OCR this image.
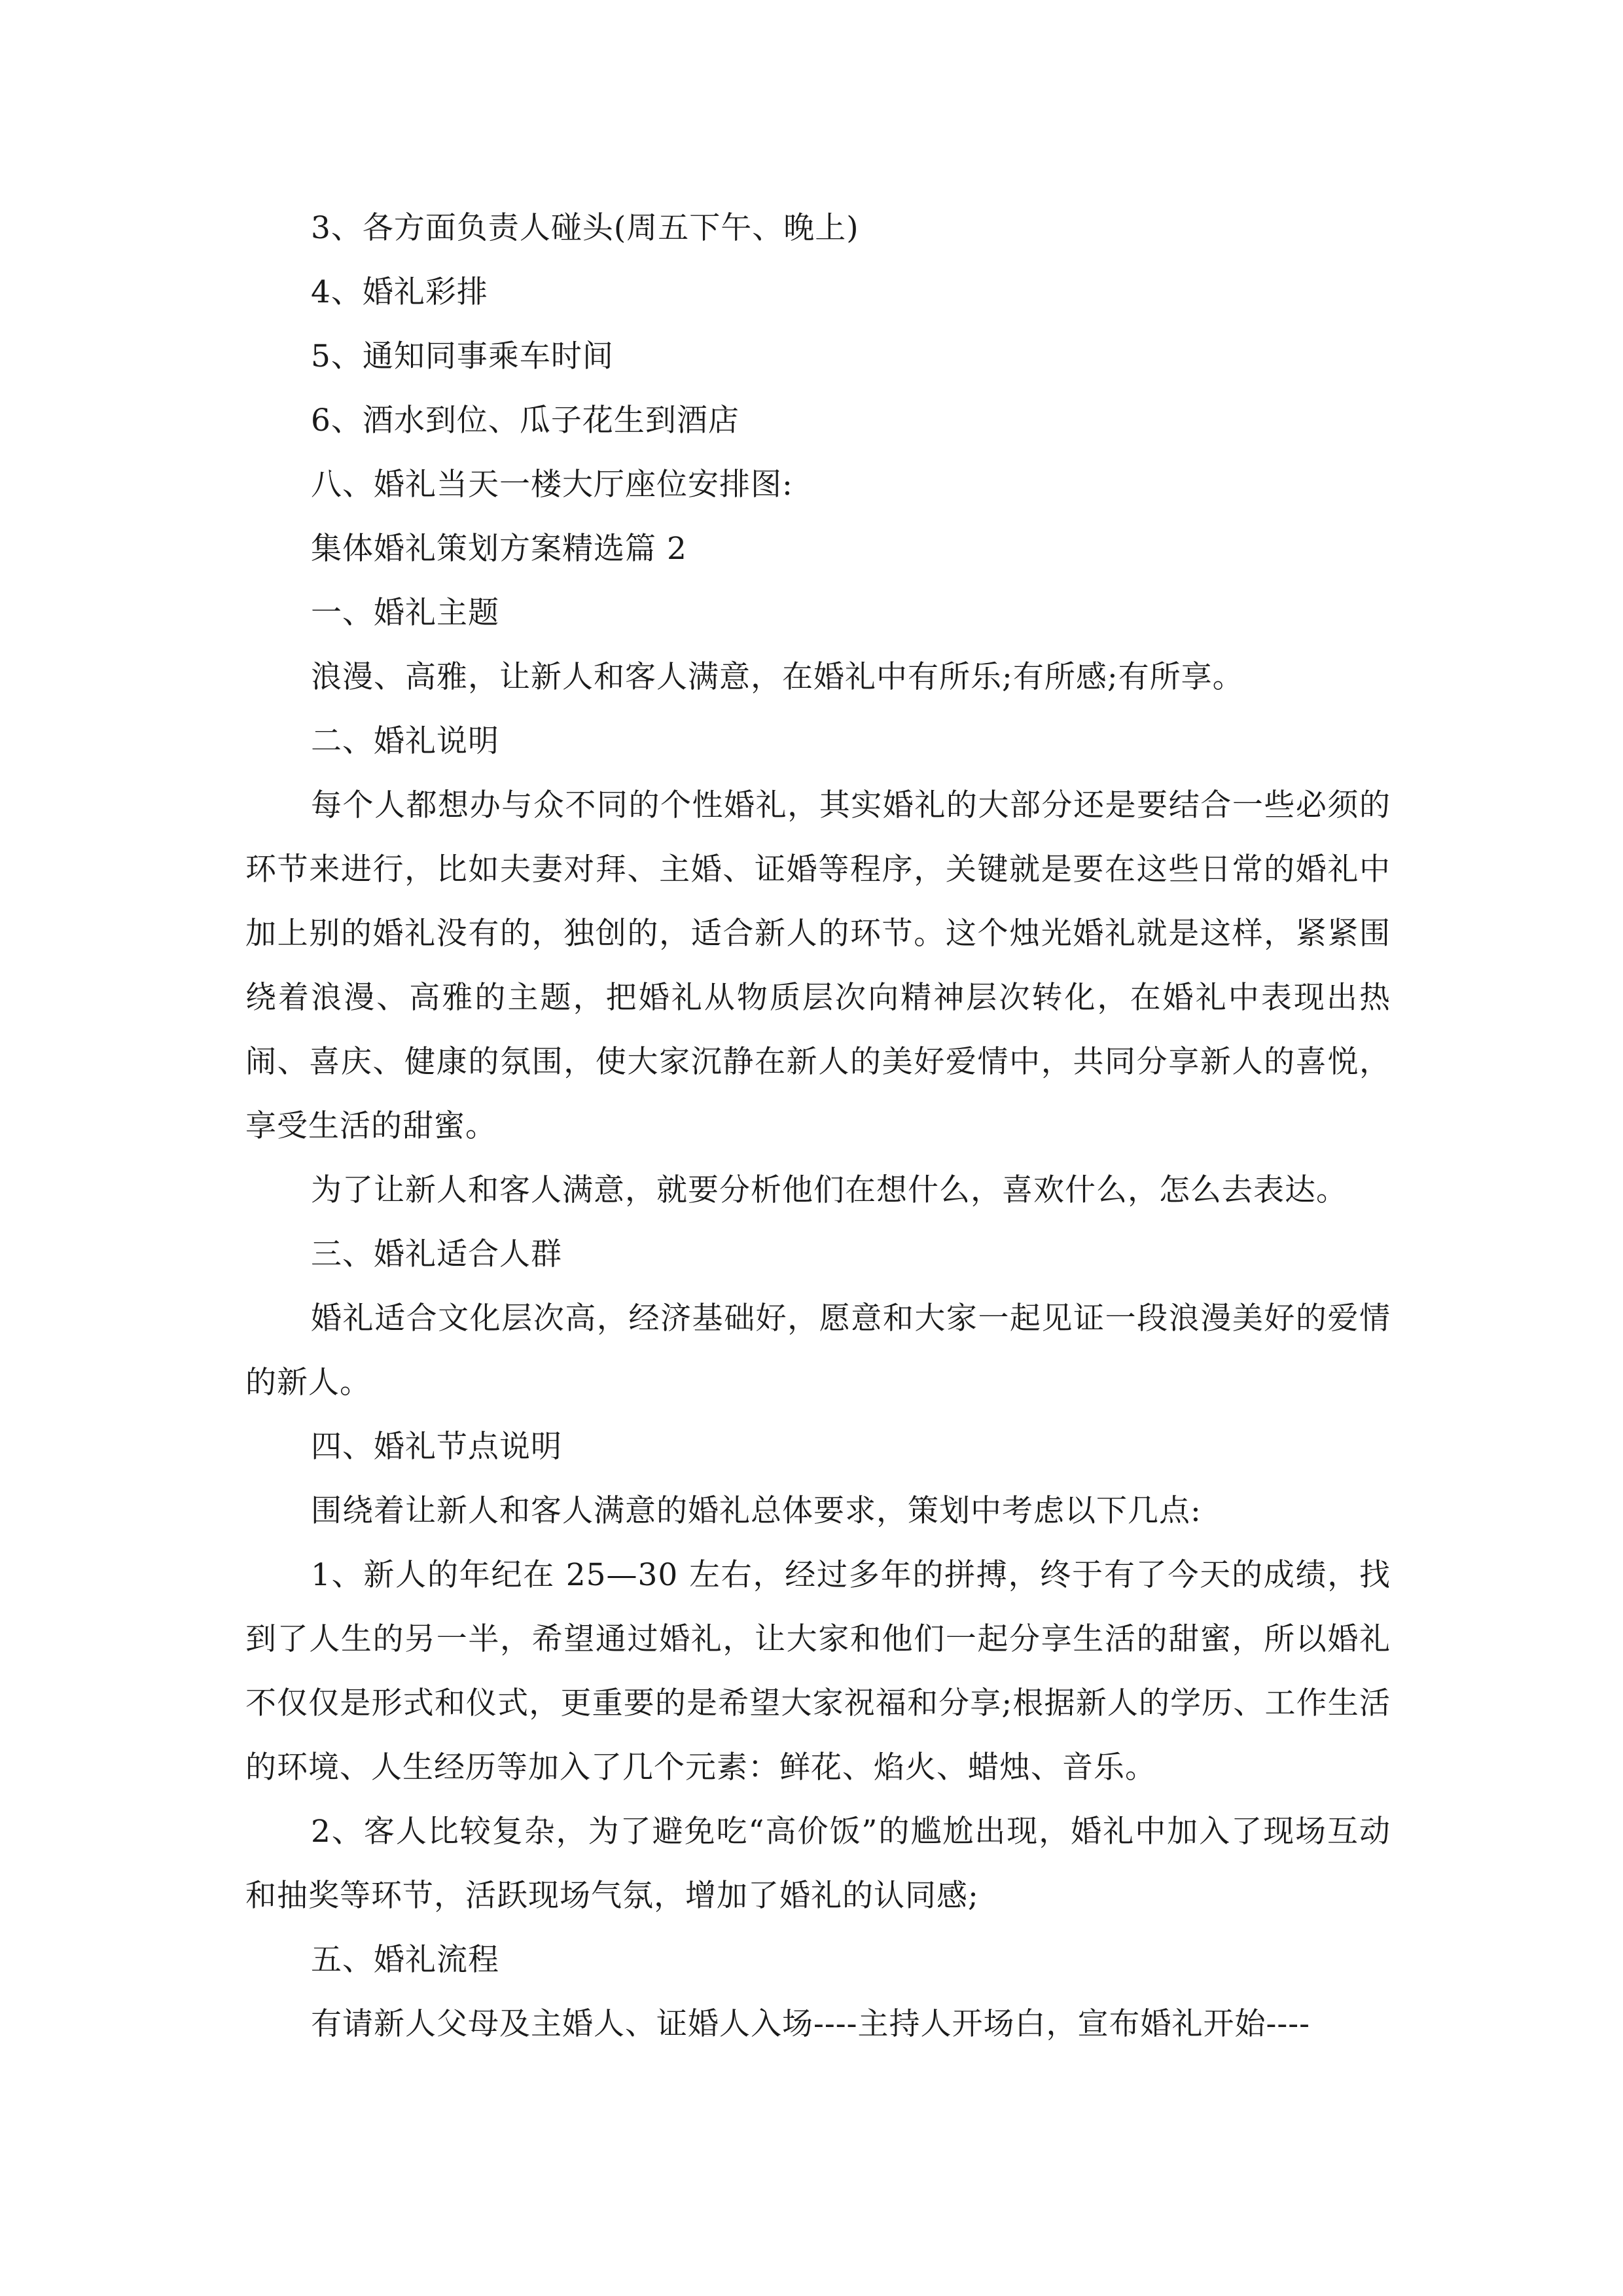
3、各方面负责人碰头(周五下午、晚上)

4、婚礼彩排

5、通知同事乘车时间

6、酒水到位、瓜子花生到酒店

八、婚礼当天一楼大厅座位安排图:

集体婚礼策划方案精选篇 2

一、婚礼主题

浪漫、高雅，让新人和客人满意，在婚礼中有所乐;有所感;有所享。

二、婚礼说明

每个人都想办与众不同的个性婚礼，其实婚礼的大部分还是要结合一些必须的环节来进行，比如夫妻对拜、主婚、证婚等程序，关键就是要在这些日常的婚礼中加上别的婚礼没有的，独创的，适合新人的环节。这个烛光婚礼就是这样，紧紧围绕着浪漫、高雅的主题，把婚礼从物质层次向精神层次转化，在婚礼中表现出热闹、喜庆、健康的氛围，使大家沉静在新人的美好爱情中，共同分享新人的喜悦，享受生活的甜蜜。

为了让新人和客人满意，就要分析他们在想什么，喜欢什么，怎么去表达。

三、婚礼适合人群

婚礼适合文化层次高，经济基础好，愿意和大家一起见证一段浪漫美好的爱情的新人。

四、婚礼节点说明

围绕着让新人和客人满意的婚礼总体要求，策划中考虑以下几点:

1、新人的年纪在 25—30 左右，经过多年的拼搏，终于有了今天的成绩，找到了人生的另一半，希望通过婚礼，让大家和他们一起分享生活的甜蜜，所以婚礼不仅仅是形式和仪式，更重要的是希望大家祝福和分享;根据新人的学历、工作生活的环境、人生经历等加入了几个元素：鲜花、焰火、蜡烛、音乐。

2、客人比较复杂，为了避免吃“高价饭”的尴尬出现，婚礼中加入了现场互动和抽奖等环节，活跃现场气氛，增加了婚礼的认同感;

五、婚礼流程

有请新人父母及主婚人、证婚人入场----主持人开场白，宣布婚礼开始----
